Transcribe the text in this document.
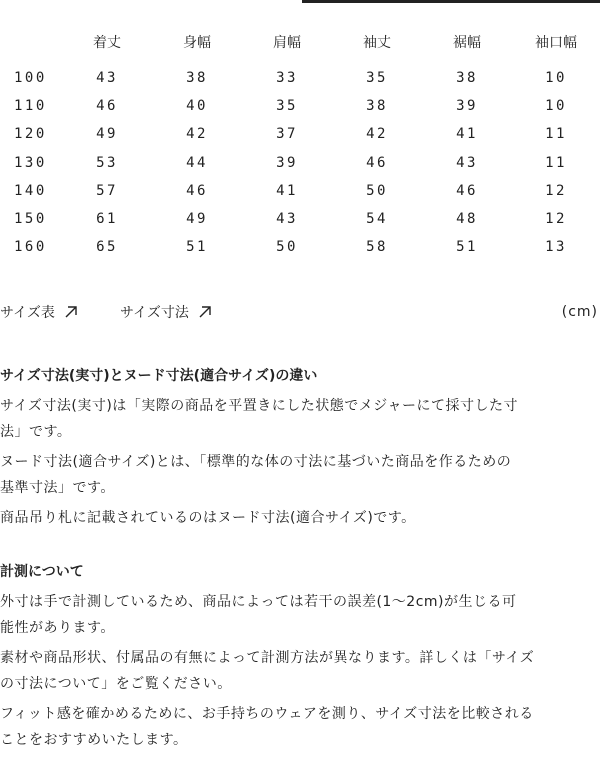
	着丈	身幅	肩幅	袖丈	裾幅	袖口幅
100	43	38	33	35	38	10
110	46	40	35	38	39	10
120	49	42	37	42	41	11
130	53	44	39	46	43	11
140	57	46	41	50	46	12
150	61	49	43	54	48	12
160	65	51	50	58	51	13
サイズ表	サイズ寸法	(cm)
サイズ寸法(実寸)とヌード寸法(適合サイズ)の違い

サイズ寸法(実寸)は「実際の商品を平置きにした状態でメジャーにて採寸した寸

法」です。

ヌード寸法(適合サイズ)とは、「標準的な体の寸法に基づいた商品を作るための

基準寸法」です。

商品吊り札に記載されているのはヌード寸法(適合サイズ)です。

計測について

外寸は手で計測しているため、商品によっては若干の誤差(1〜2cm)が生じる可

能性があります。

素材や商品形状、付属品の有無によって計測方法が異なります。詳しくは「サイズ

の寸法について」をご覧ください。

フィット感を確かめるために、お手持ちのウェアを測り、サイズ寸法を比較される

ことをおすすめいたします。
